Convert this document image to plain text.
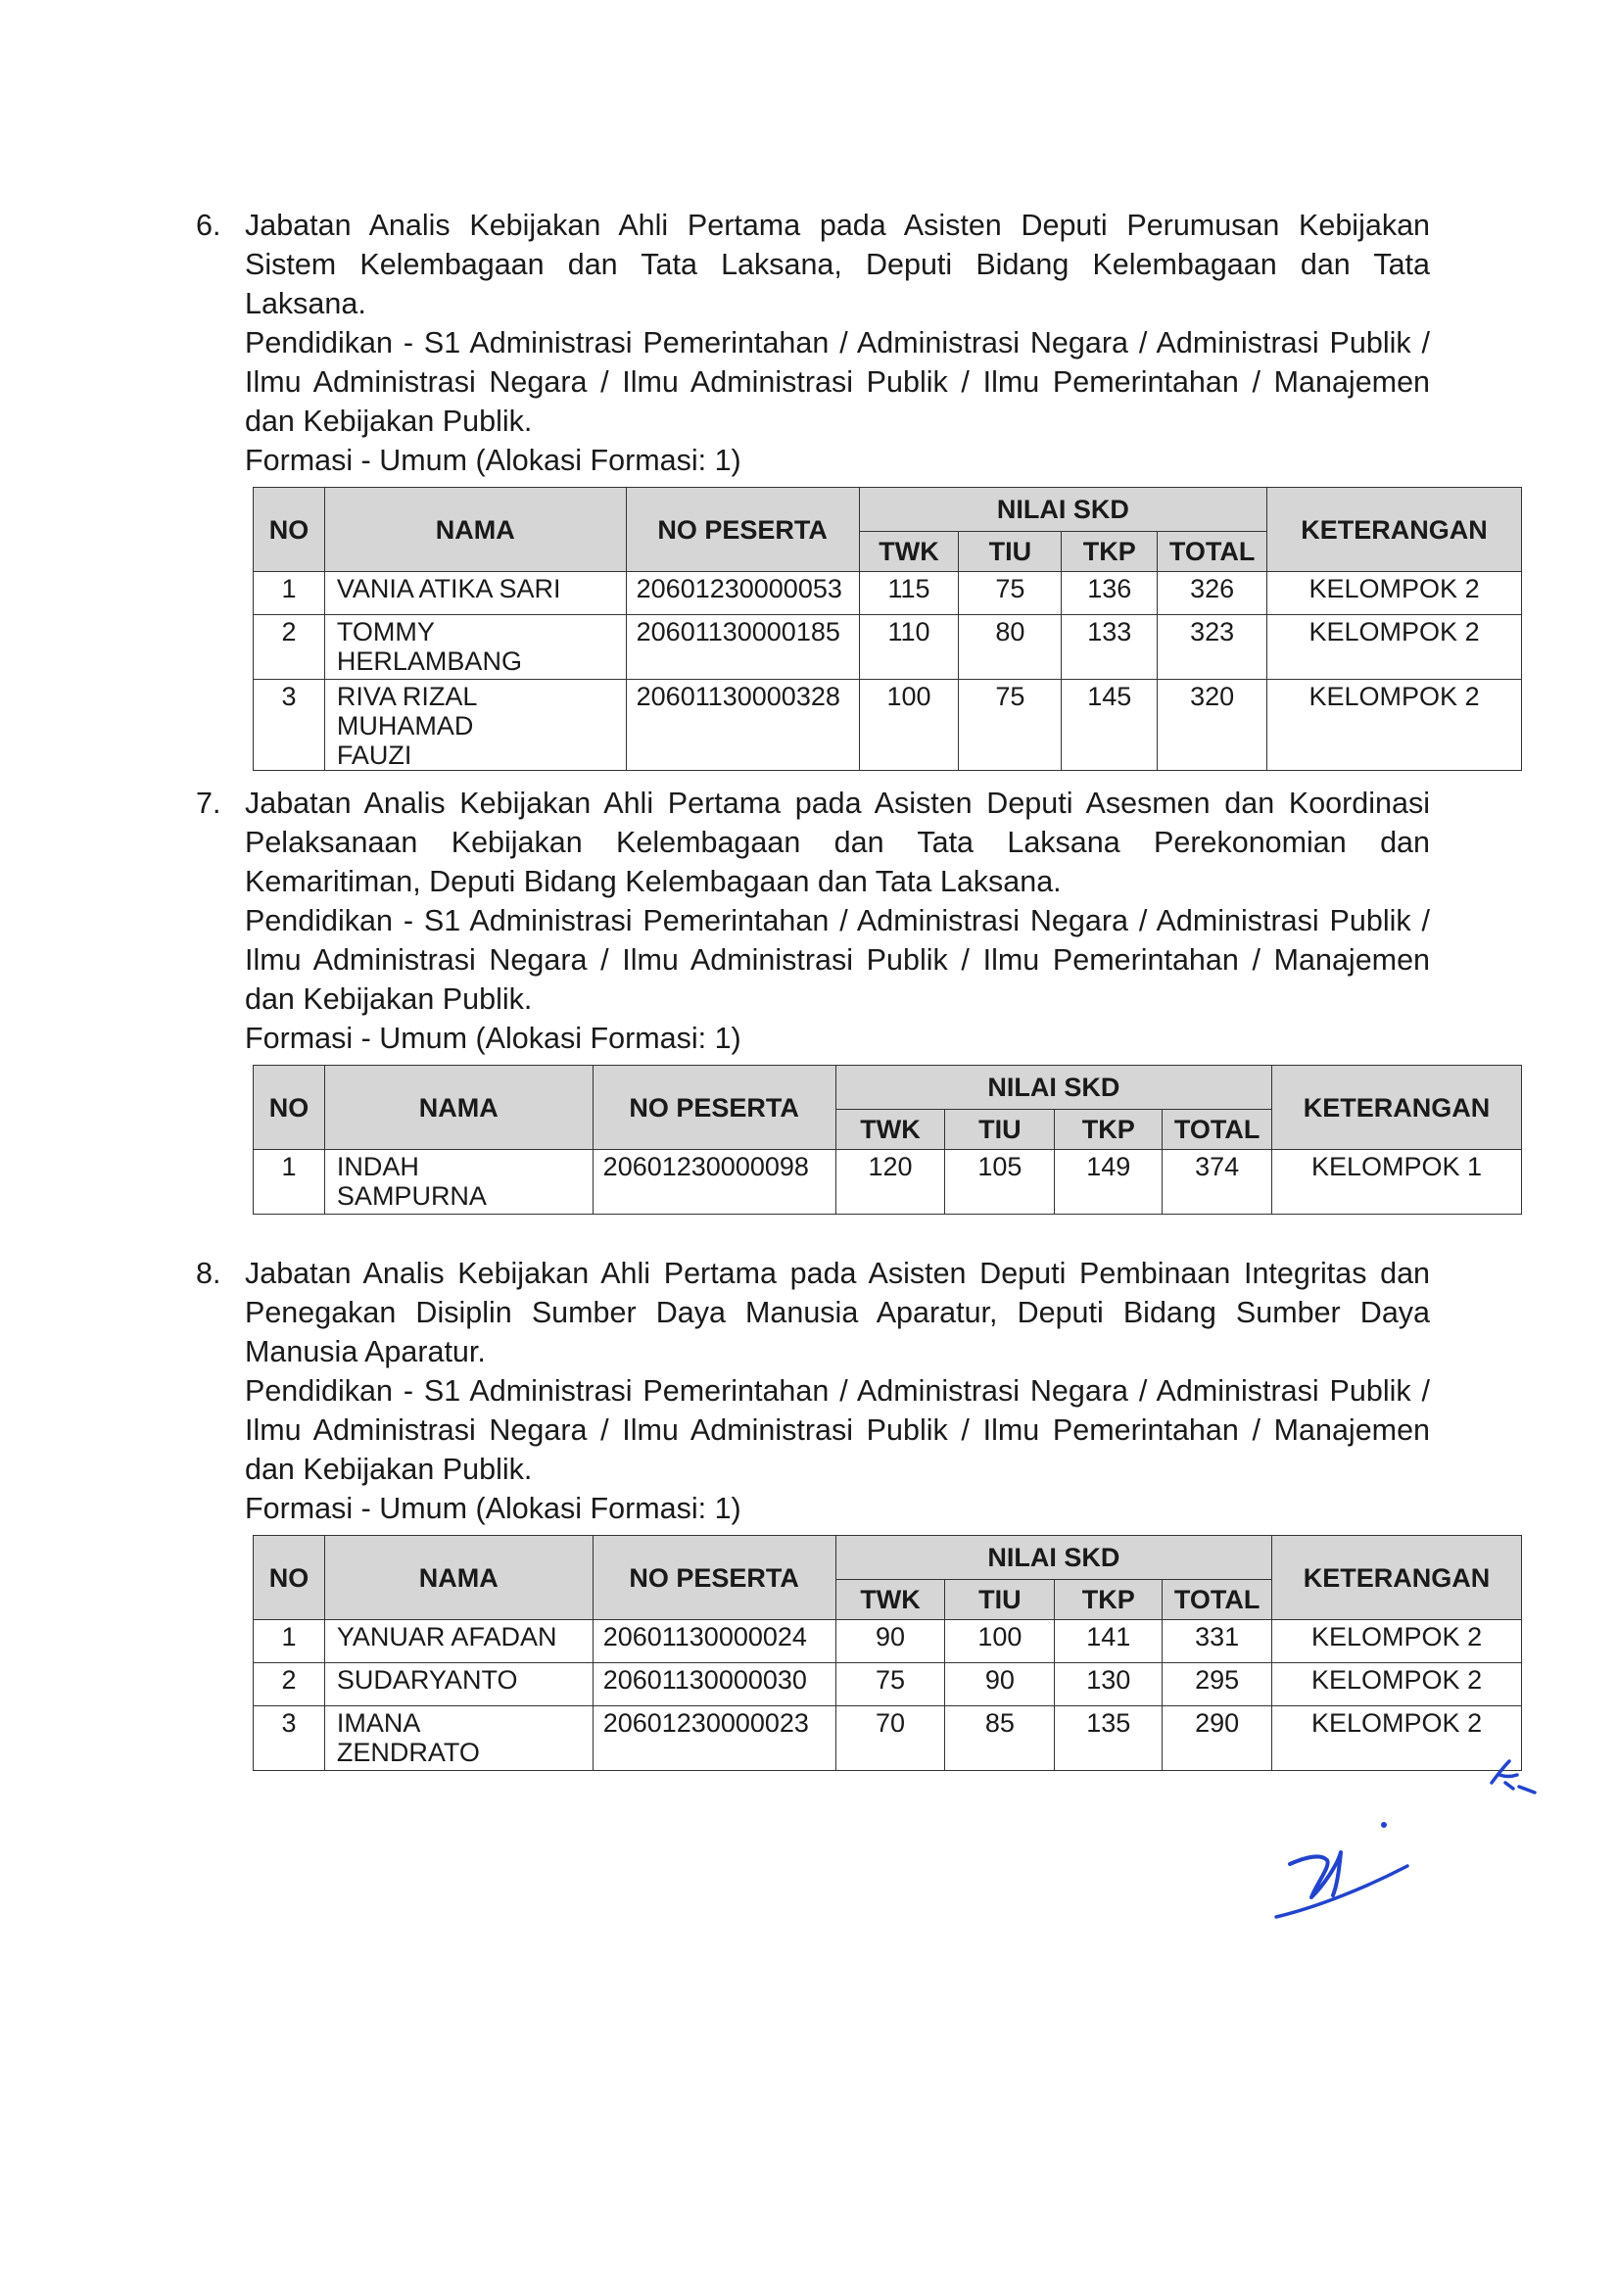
6. Jabatan Analis Kebijakan Ahli Pertama pada Asisten Deputi Perumusan Kebijakan
Sistem Kelembagaan dan Tata Laksana, Deputi Bidang Kelembagaan dan Tata
Laksana.
Pendidikan - S1 Administrasi Pemerintahan / Administrasi Negara / Administrasi Publik /
Ilmu Administrasi Negara / Ilmu Administrasi Publik / Ilmu Pemerintahan / Manajemen
dan Kebijakan Publik.
Formasi - Umum (Alokasi Formasi: 1)
NO	NAMA	NO PESERTA	NILAI SKD				KETERANGAN
			TWK	TIU	TKP	TOTAL	
1	VANIA ATIKA SARI	20601230000053	115	75	136	326	KELOMPOK 2
2	TOMMY HERLAMBANG	20601130000185	110	80	133	323	KELOMPOK 2
3	RIVA RIZAL MUHAMAD FAUZI	20601130000328	100	75	145	320	KELOMPOK 2
7. Jabatan Analis Kebijakan Ahli Pertama pada Asisten Deputi Asesmen dan Koordinasi
Pelaksanaan Kebijakan Kelembagaan dan Tata Laksana Perekonomian dan
Kemaritiman, Deputi Bidang Kelembagaan dan Tata Laksana.
Pendidikan - S1 Administrasi Pemerintahan / Administrasi Negara / Administrasi Publik /
Ilmu Administrasi Negara / Ilmu Administrasi Publik / Ilmu Pemerintahan / Manajemen
dan Kebijakan Publik.
Formasi - Umum (Alokasi Formasi: 1)
NO	NAMA	NO PESERTA	NILAI SKD				KETERANGAN
			TWK	TIU	TKP	TOTAL	
1	INDAH SAMPURNA	20601230000098	120	105	149	374	KELOMPOK 1
8. Jabatan Analis Kebijakan Ahli Pertama pada Asisten Deputi Pembinaan Integritas dan
Penegakan Disiplin Sumber Daya Manusia Aparatur, Deputi Bidang Sumber Daya
Manusia Aparatur.
Pendidikan - S1 Administrasi Pemerintahan / Administrasi Negara / Administrasi Publik /
Ilmu Administrasi Negara / Ilmu Administrasi Publik / Ilmu Pemerintahan / Manajemen
dan Kebijakan Publik.
Formasi - Umum (Alokasi Formasi: 1)
NO	NAMA	NO PESERTA	NILAI SKD				KETERANGAN
			TWK	TIU	TKP	TOTAL	
1	YANUAR AFADAN	20601130000024	90	100	141	331	KELOMPOK 2
2	SUDARYANTO	20601130000030	75	90	130	295	KELOMPOK 2
3	IMANA ZENDRATO	20601230000023	70	85	135	290	KELOMPOK 2
